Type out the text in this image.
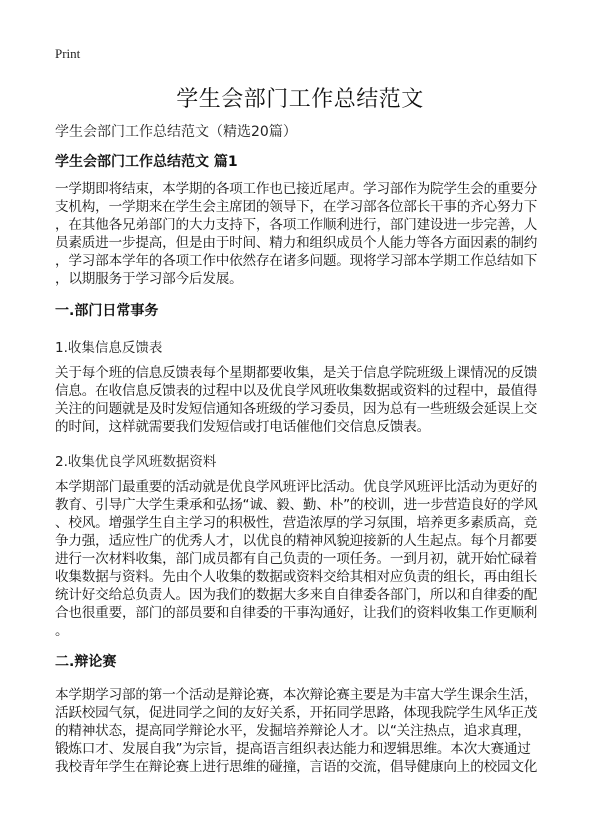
Print
学生会部门工作总结范文
学生会部门工作总结范文（精选20篇）
学生会部门工作总结范文 篇1
一学期即将结束，本学期的各项工作也已接近尾声。学习部作为院学生会的重要分
支机构，一学期来在学生会主席团的领导下，在学习部各位部长干事的齐心努力下
，在其他各兄弟部门的大力支持下，各项工作顺利进行，部门建设进一步完善，人
员素质进一步提高，但是由于时间、精力和组织成员个人能力等各方面因素的制约
，学习部本学年的各项工作中依然存在诸多问题。现将学习部本学期工作总结如下
，以期服务于学习部今后发展。
一.部门日常事务
1.收集信息反馈表
关于每个班的信息反馈表每个星期都要收集，是关于信息学院班级上课情况的反馈
信息。在收信息反馈表的过程中以及优良学风班收集数据或资料的过程中，最值得
关注的问题就是及时发短信通知各班级的学习委员，因为总有一些班级会延误上交
的时间，这样就需要我们发短信或打电话催他们交信息反馈表。
2.收集优良学风班数据资料
本学期部门最重要的活动就是优良学风班评比活动。优良学风班评比活动为更好的
教育、引导广大学生秉承和弘扬“诚、毅、勤、朴”的校训，进一步营造良好的学风
、校风。增强学生自主学习的积极性，营造浓厚的学习氛围，培养更多素质高，竞
争力强，适应性广的优秀人才，以优良的精神风貌迎接新的人生起点。每个月都要
进行一次材料收集，部门成员都有自己负责的一项任务。一到月初，就开始忙碌着
收集数据与资料。先由个人收集的数据或资料交给其相对应负责的组长，再由组长
统计好交给总负责人。因为我们的数据大多来自自律委各部门，所以和自律委的配
合也很重要，部门的部员要和自律委的干事沟通好，让我们的资料收集工作更顺利
。
二.辩论赛
本学期学习部的第一个活动是辩论赛，本次辩论赛主要是为丰富大学生课余生活，
活跃校园气氛，促进同学之间的友好关系，开拓同学思路，体现我院学生风华正茂
的精神状态，提高同学辩论水平，发掘培养辩论人才。以“关注热点，追求真理，
锻炼口才、发展自我”为宗旨，提高语言组织表达能力和逻辑思维。本次大赛通过
我校青年学生在辩论赛上进行思维的碰撞，言语的交流，倡导健康向上的校园文化
